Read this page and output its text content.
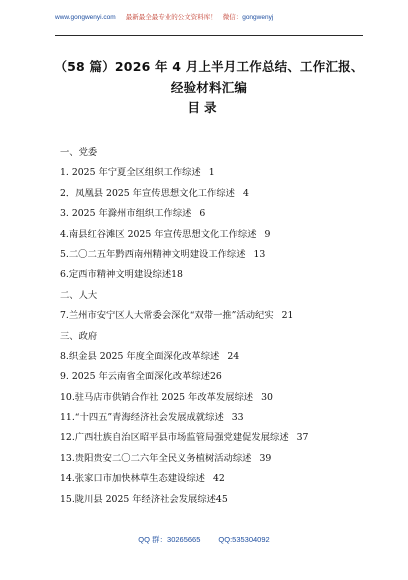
www.gongwenyi.com 最新最全最专业的公文资料库！ 微信：gongwenyj
（58 篇）2026 年 4 月上半月工作总结、工作汇报、
经验材料汇编
目录
一、党委
1. 2025 年宁夏全区组织工作综述 1
2．凤凰县 2025 年宣传思想文化工作综述 4
3. 2025 年滁州市组织工作综述 6
4.南县红谷滩区 2025 年宣传思想文化工作综述 9
5.二〇二五年黔西南州精神文明建设工作综述 13
6.定西市精神文明建设综述18
二、人大
7.兰州市安宁区人大常委会深化“双带一推”活动纪实 21
三、政府
8.织金县 2025 年度全面深化改革综述 24
9. 2025 年云南省全面深化改革综述26
10.驻马店市供销合作社 2025 年改革发展综述 30
11.“十四五”青海经济社会发展成就综述 33
12.广西壮族自治区昭平县市场监管局强党建促发展综述 37
13.贵阳贵安二〇二六年全民义务植树活动综述 39
14.张家口市加快林草生态建设综述 42
15.陇川县 2025 年经济社会发展综述45
QQ 群：30265665 QQ:535304092
